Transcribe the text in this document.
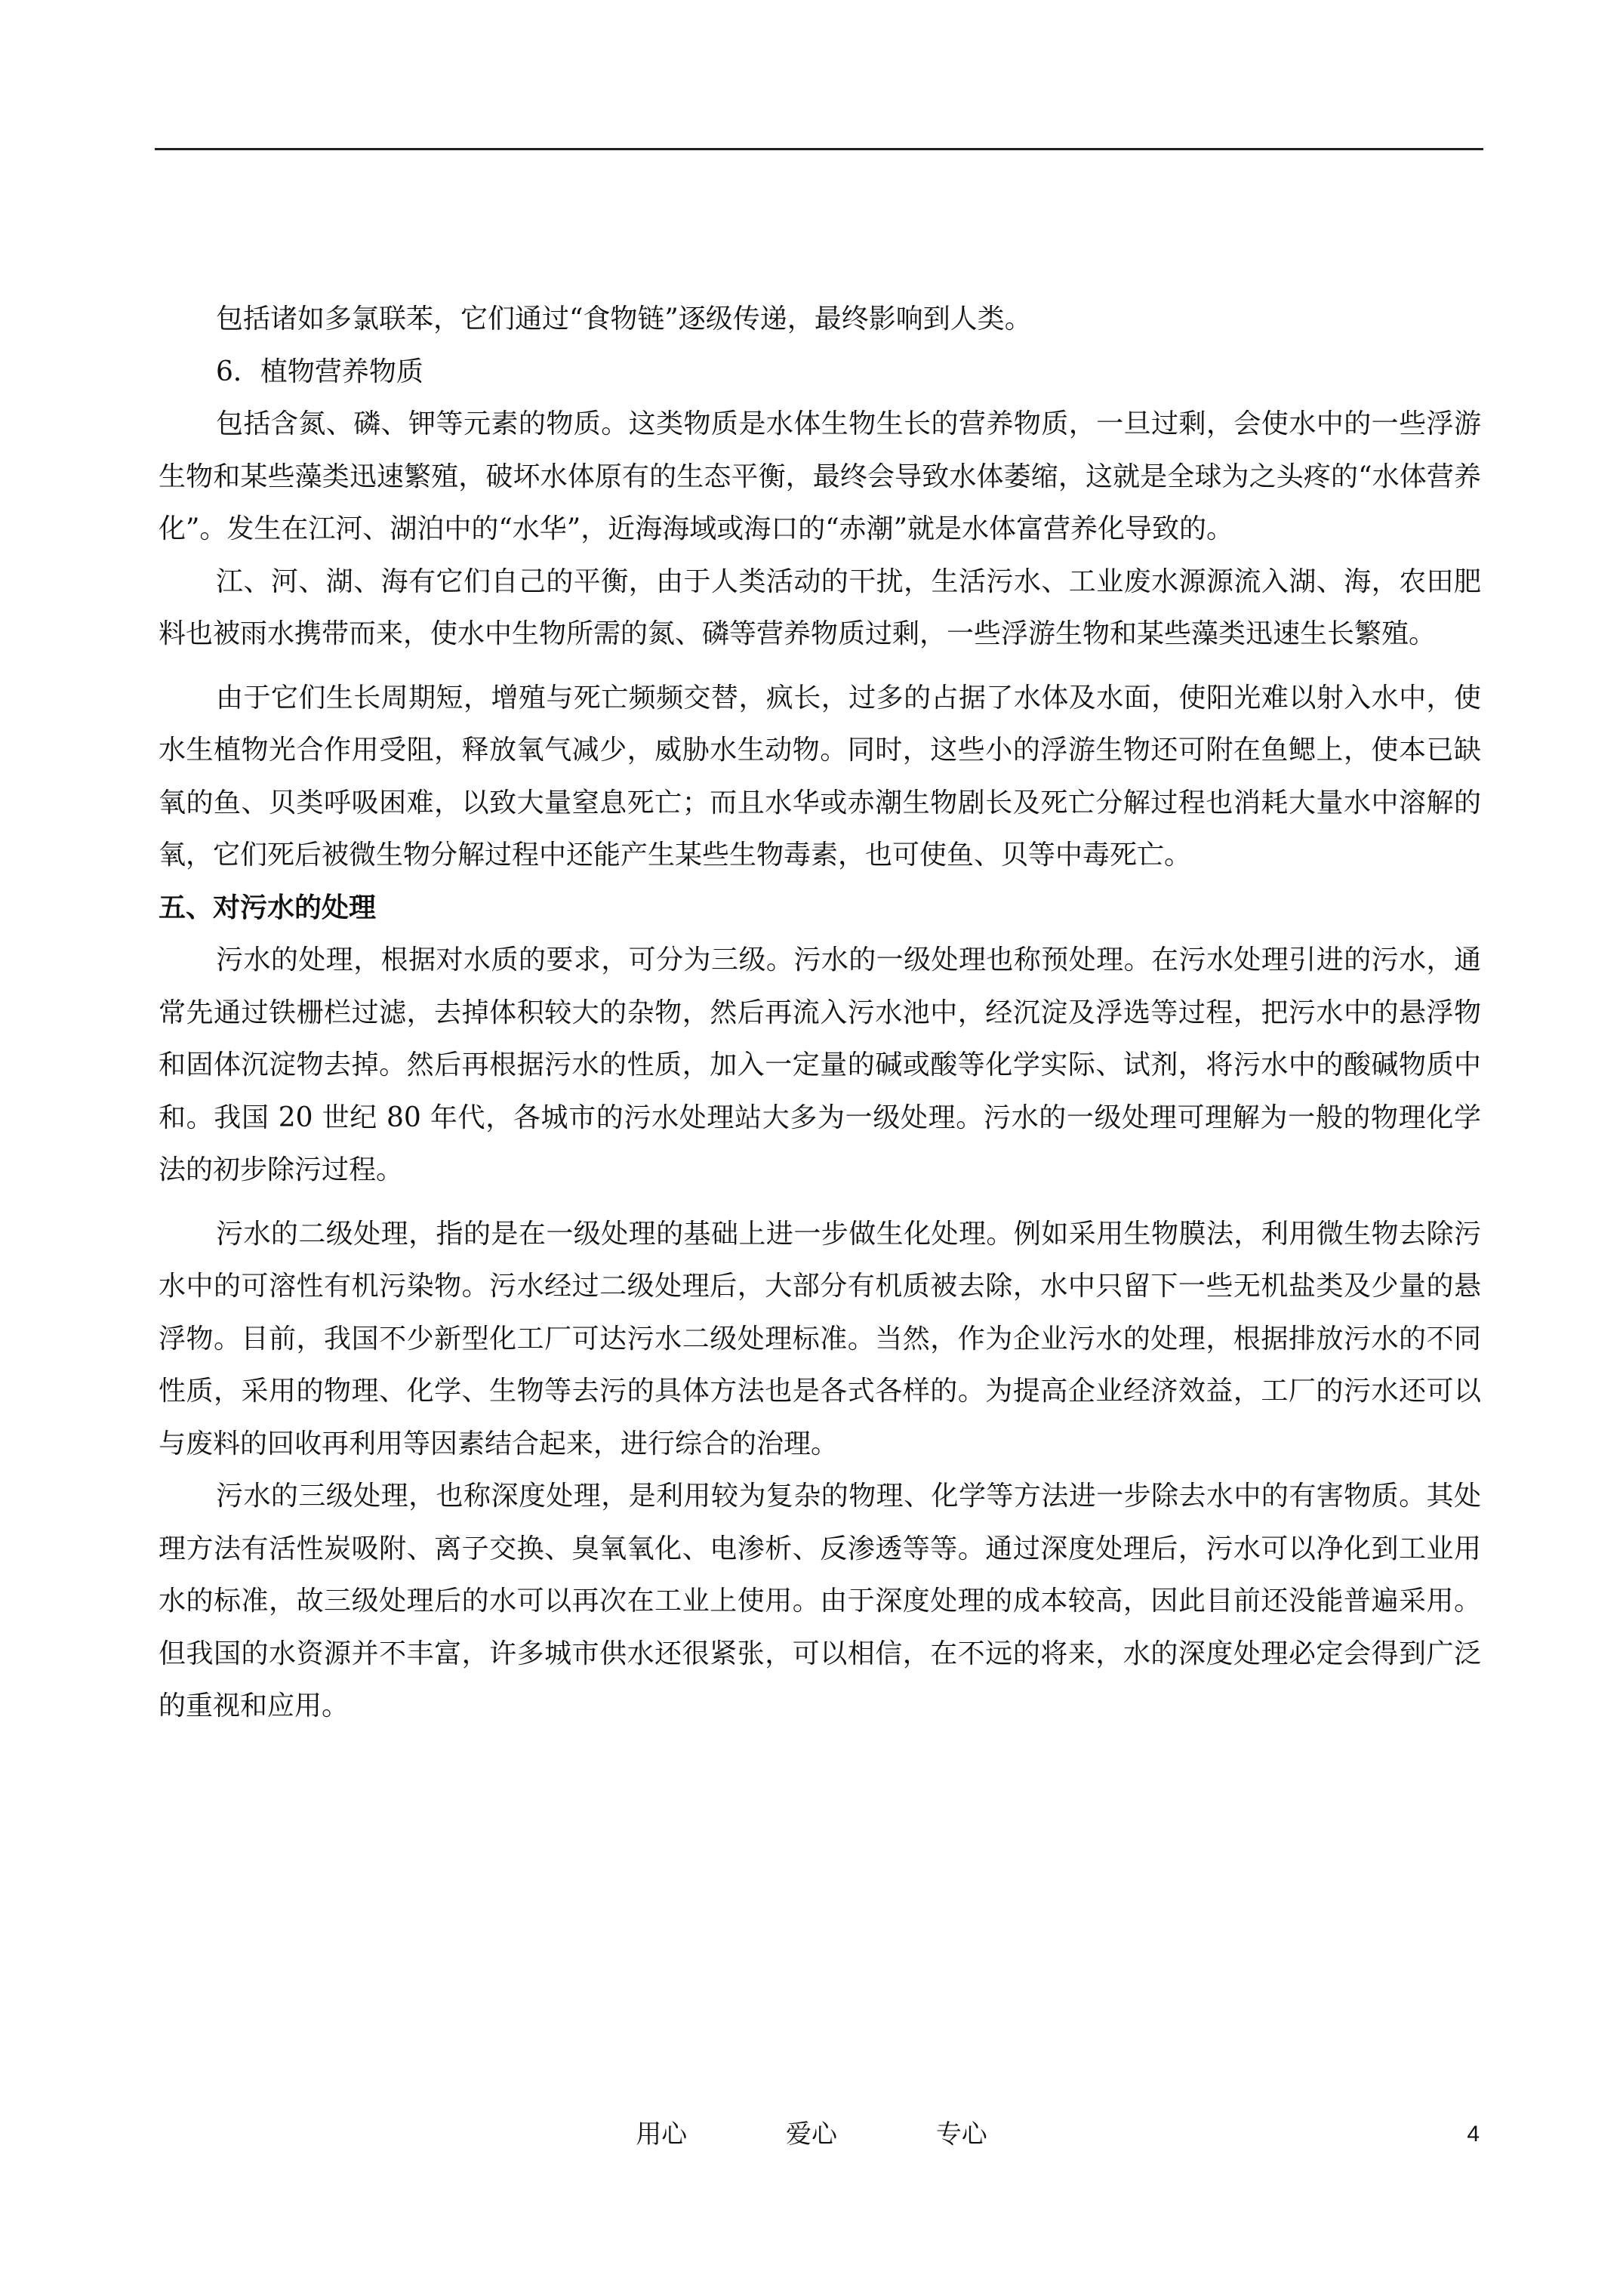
包括诸如多氯联苯，它们通过“食物链”逐级传递，最终影响到人类。

6．植物营养物质

包括含氮、磷、钾等元素的物质。这类物质是水体生物生长的营养物质，一旦过剩，会使水中的一些浮游生物和某些藻类迅速繁殖，破坏水体原有的生态平衡，最终会导致水体萎缩，这就是全球为之头疼的“水体营养化”。发生在江河、湖泊中的“水华”，近海海域或海口的“赤潮”就是水体富营养化导致的。

江、河、湖、海有它们自己的平衡，由于人类活动的干扰，生活污水、工业废水源源流入湖、海，农田肥料也被雨水携带而来，使水中生物所需的氮、磷等营养物质过剩，一些浮游生物和某些藻类迅速生长繁殖。

由于它们生长周期短，增殖与死亡频频交替，疯长，过多的占据了水体及水面，使阳光难以射入水中，使水生植物光合作用受阻，释放氧气减少，威胁水生动物。同时，这些小的浮游生物还可附在鱼鳃上，使本已缺氧的鱼、贝类呼吸困难，以致大量窒息死亡；而且水华或赤潮生物剧长及死亡分解过程也消耗大量水中溶解的氧，它们死后被微生物分解过程中还能产生某些生物毒素，也可使鱼、贝等中毒死亡。

五、对污水的处理

污水的处理，根据对水质的要求，可分为三级。污水的一级处理也称预处理。在污水处理引进的污水，通常先通过铁栅栏过滤，去掉体积较大的杂物，然后再流入污水池中，经沉淀及浮选等过程，把污水中的悬浮物和固体沉淀物去掉。然后再根据污水的性质，加入一定量的碱或酸等化学实际、试剂，将污水中的酸碱物质中和。我国 20 世纪 80 年代，各城市的污水处理站大多为一级处理。污水的一级处理可理解为一般的物理化学法的初步除污过程。

污水的二级处理，指的是在一级处理的基础上进一步做生化处理。例如采用生物膜法，利用微生物去除污水中的可溶性有机污染物。污水经过二级处理后，大部分有机质被去除，水中只留下一些无机盐类及少量的悬浮物。目前，我国不少新型化工厂可达污水二级处理标准。当然，作为企业污水的处理，根据排放污水的不同性质，采用的物理、化学、生物等去污的具体方法也是各式各样的。为提高企业经济效益，工厂的污水还可以与废料的回收再利用等因素结合起来，进行综合的治理。

污水的三级处理，也称深度处理，是利用较为复杂的物理、化学等方法进一步除去水中的有害物质。其处理方法有活性炭吸附、离子交换、臭氧氧化、电渗析、反渗透等等。通过深度处理后，污水可以净化到工业用水的标准，故三级处理后的水可以再次在工业上使用。由于深度处理的成本较高，因此目前还没能普遍采用。但我国的水资源并不丰富，许多城市供水还很紧张，可以相信，在不远的将来，水的深度处理必定会得到广泛的重视和应用。

用心	爱心	专心	4
